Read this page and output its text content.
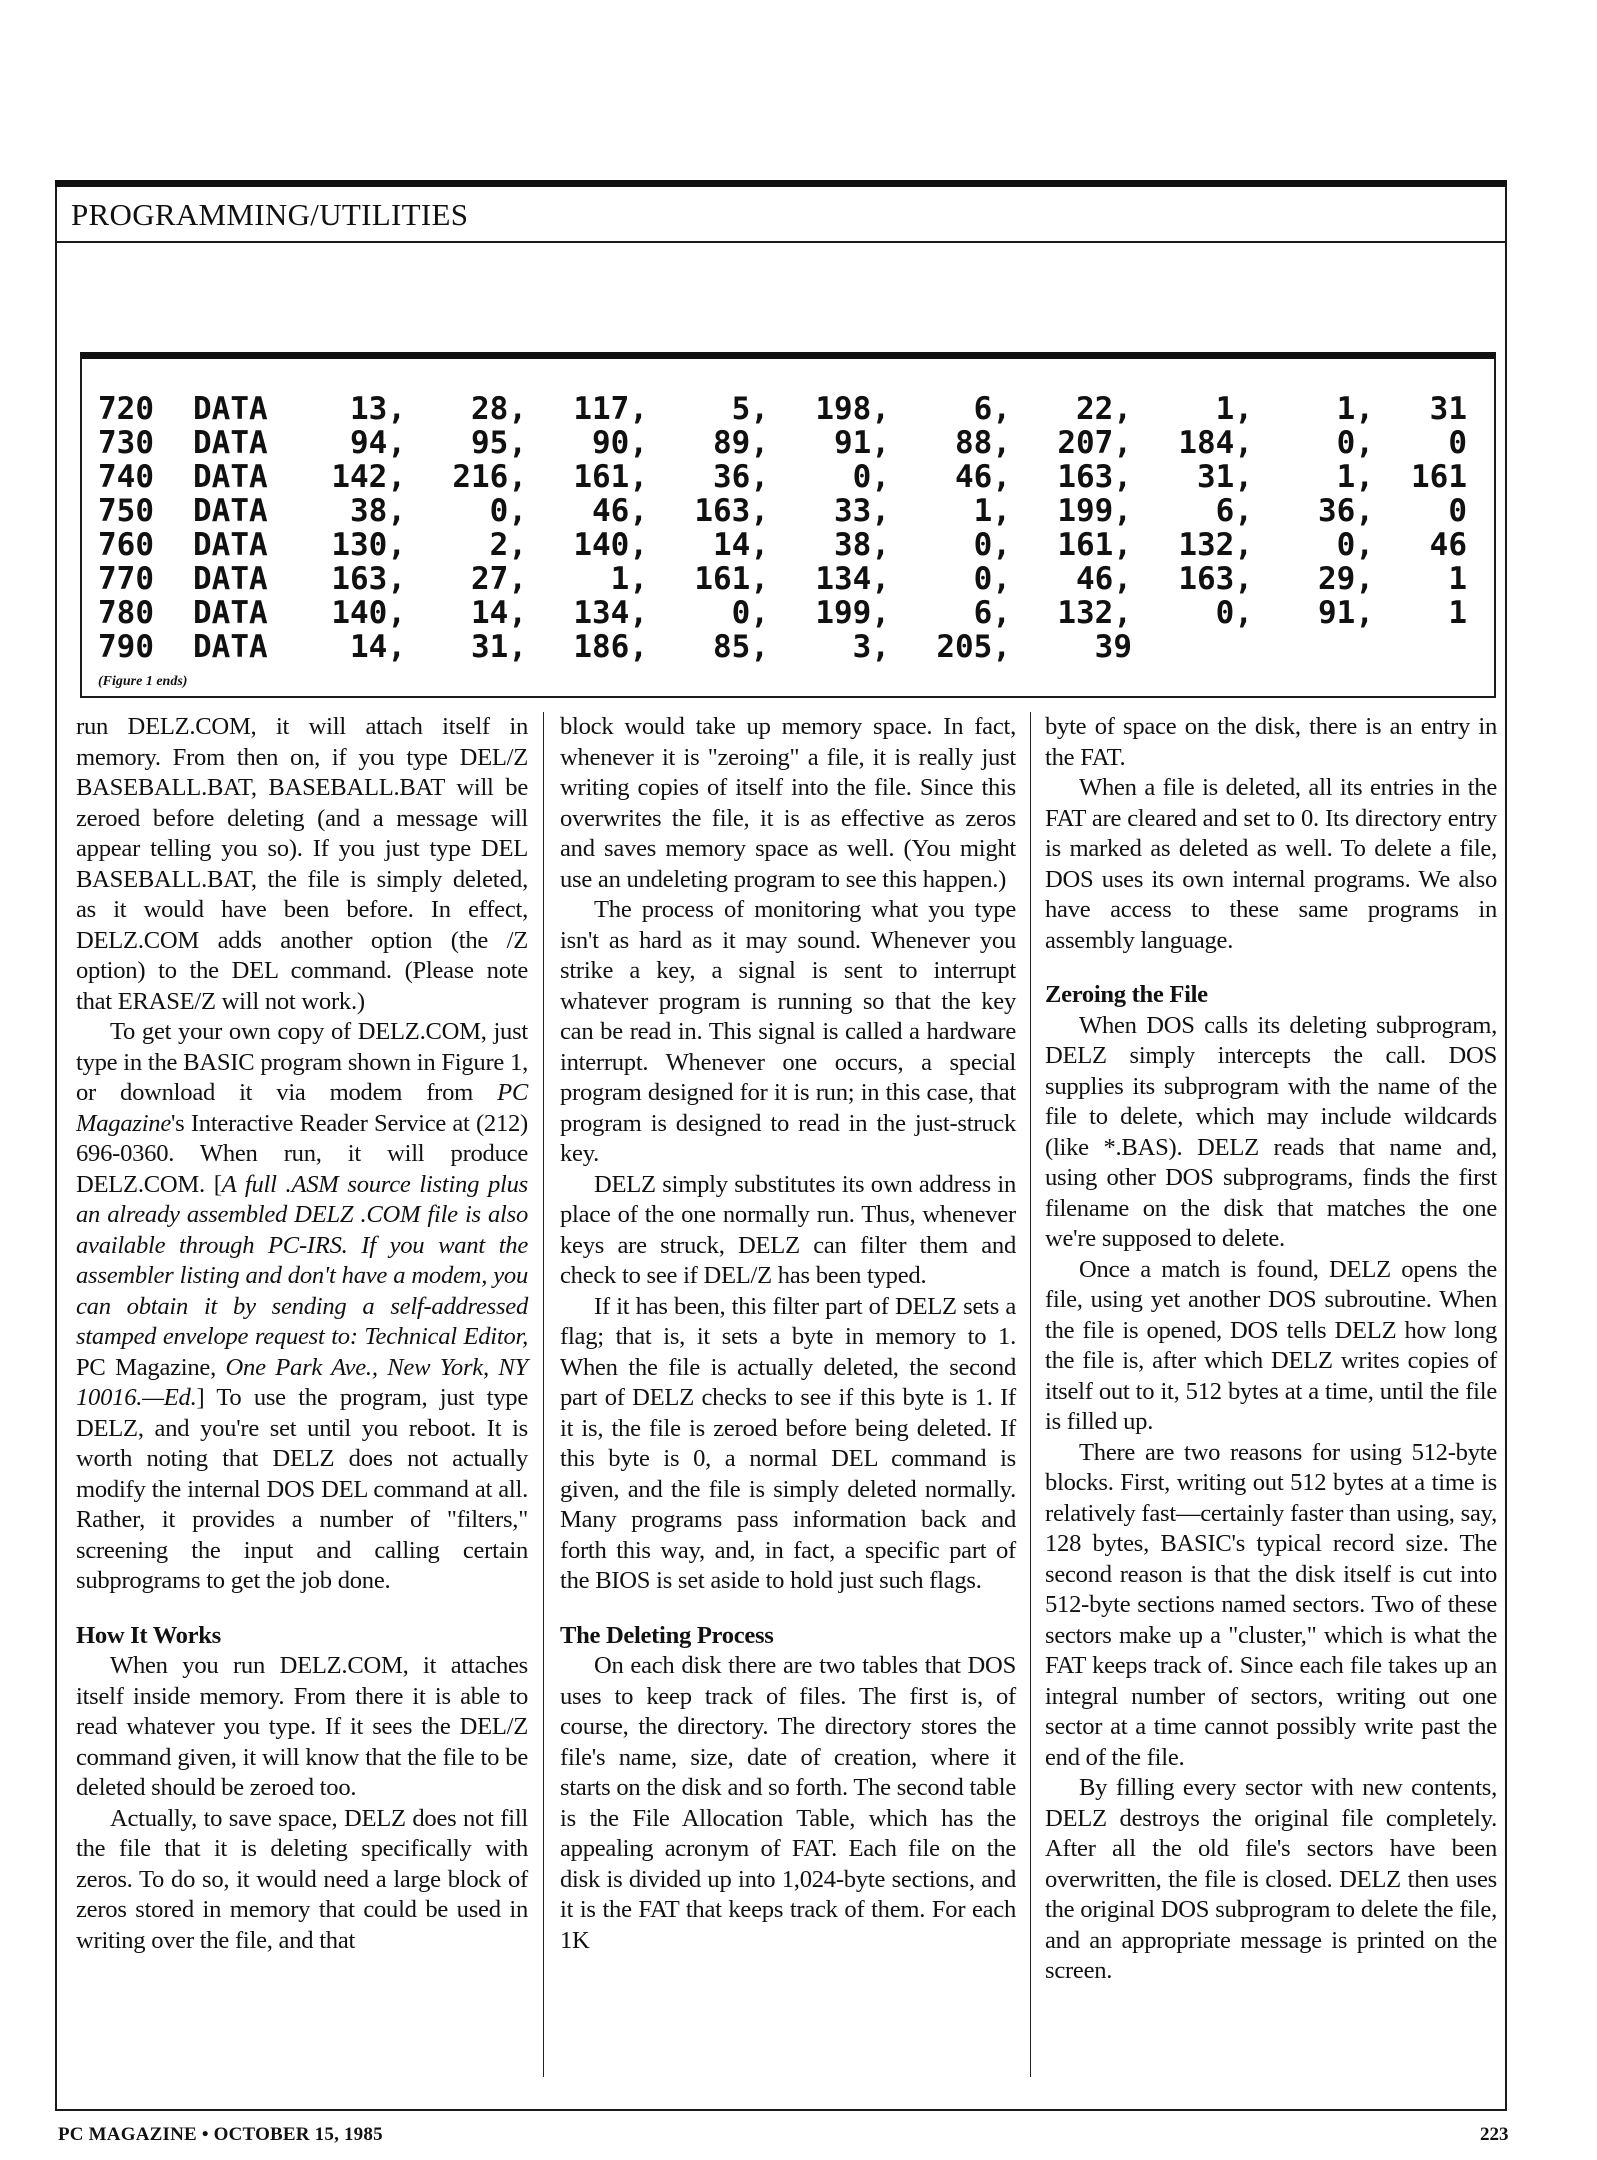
PROGRAMMING/UTILITIES
720	DATA	13,	28,	117,	5,	198,	6,	22,	1,	1,	31
730	DATA	94,	95,	90,	89,	91,	88,	207,	184,	0,	0
740	DATA	142,	216,	161,	36,	0,	46,	163,	31,	1,	161
750	DATA	38,	0,	46,	163,	33,	1,	199,	6,	36,	0
760	DATA	130,	2,	140,	14,	38,	0,	161,	132,	0,	46
770	DATA	163,	27,	1,	161,	134,	0,	46,	163,	29,	1
780	DATA	140,	14,	134,	0,	199,	6,	132,	0,	91,	1
790	DATA	14,	31,	186,	85,	3,	205,	39			
(Figure 1 ends)

run DELZ.COM, it will attach itself in memory. From then on, if you type DEL/Z BASEBALL.BAT, BASEBALL.BAT will be zeroed before deleting (and a message will appear telling you so). If you just type DEL BASEBALL.BAT, the file is simply deleted, as it would have been before. In effect, DELZ.COM adds another option (the /Z option) to the DEL command. (Please note that ERASE/Z will not work.)

To get your own copy of DELZ.COM, just type in the BASIC program shown in Figure 1, or download it via modem from PC Magazine's Interactive Reader Service at (212) 696-0360. When run, it will produce DELZ.COM. [A full .ASM source listing plus an already assembled DELZ .COM file is also available through PC-IRS. If you want the assembler listing and don't have a modem, you can obtain it by sending a self-addressed stamped envelope request to: Technical Editor, PC Magazine, One Park Ave., New York, NY 10016.—Ed.] To use the program, just type DELZ, and you're set until you reboot. It is worth noting that DELZ does not actually modify the internal DOS DEL command at all. Rather, it provides a number of "filters," screening the input and calling certain subprograms to get the job done.

How It Works

When you run DELZ.COM, it attaches itself inside memory. From there it is able to read whatever you type. If it sees the DEL/Z command given, it will know that the file to be deleted should be zeroed too.

Actually, to save space, DELZ does not fill the file that it is deleting specifically with zeros. To do so, it would need a large block of zeros stored in memory that could be used in writing over the file, and that

block would take up memory space. In fact, whenever it is "zeroing" a file, it is really just writing copies of itself into the file. Since this overwrites the file, it is as effective as zeros and saves memory space as well. (You might use an undeleting program to see this happen.)

The process of monitoring what you type isn't as hard as it may sound. Whenever you strike a key, a signal is sent to interrupt whatever program is running so that the key can be read in. This signal is called a hardware interrupt. Whenever one occurs, a special program designed for it is run; in this case, that program is designed to read in the just-struck key.

DELZ simply substitutes its own address in place of the one normally run. Thus, whenever keys are struck, DELZ can filter them and check to see if DEL/Z has been typed.

If it has been, this filter part of DELZ sets a flag; that is, it sets a byte in memory to 1. When the file is actually deleted, the second part of DELZ checks to see if this byte is 1. If it is, the file is zeroed before being deleted. If this byte is 0, a normal DEL command is given, and the file is simply deleted normally. Many programs pass information back and forth this way, and, in fact, a specific part of the BIOS is set aside to hold just such flags.

The Deleting Process

On each disk there are two tables that DOS uses to keep track of files. The first is, of course, the directory. The directory stores the file's name, size, date of creation, where it starts on the disk and so forth. The second table is the File Allocation Table, which has the appealing acronym of FAT. Each file on the disk is divided up into 1,024-byte sections, and it is the FAT that keeps track of them. For each 1K

byte of space on the disk, there is an entry in the FAT.

When a file is deleted, all its entries in the FAT are cleared and set to 0. Its directory entry is marked as deleted as well. To delete a file, DOS uses its own internal programs. We also have access to these same programs in assembly language.

Zeroing the File

When DOS calls its deleting subprogram, DELZ simply intercepts the call. DOS supplies its subprogram with the name of the file to delete, which may include wildcards (like *.BAS). DELZ reads that name and, using other DOS subprograms, finds the first filename on the disk that matches the one we're supposed to delete.

Once a match is found, DELZ opens the file, using yet another DOS subroutine. When the file is opened, DOS tells DELZ how long the file is, after which DELZ writes copies of itself out to it, 512 bytes at a time, until the file is filled up.

There are two reasons for using 512-byte blocks. First, writing out 512 bytes at a time is relatively fast—certainly faster than using, say, 128 bytes, BASIC's typical record size. The second reason is that the disk itself is cut into 512-byte sections named sectors. Two of these sectors make up a "cluster," which is what the FAT keeps track of. Since each file takes up an integral number of sectors, writing out one sector at a time cannot possibly write past the end of the file.

By filling every sector with new contents, DELZ destroys the original file completely. After all the old file's sectors have been overwritten, the file is closed. DELZ then uses the original DOS subprogram to delete the file, and an appropriate message is printed on the screen.

PC MAGAZINE • OCTOBER 15, 1985	223
